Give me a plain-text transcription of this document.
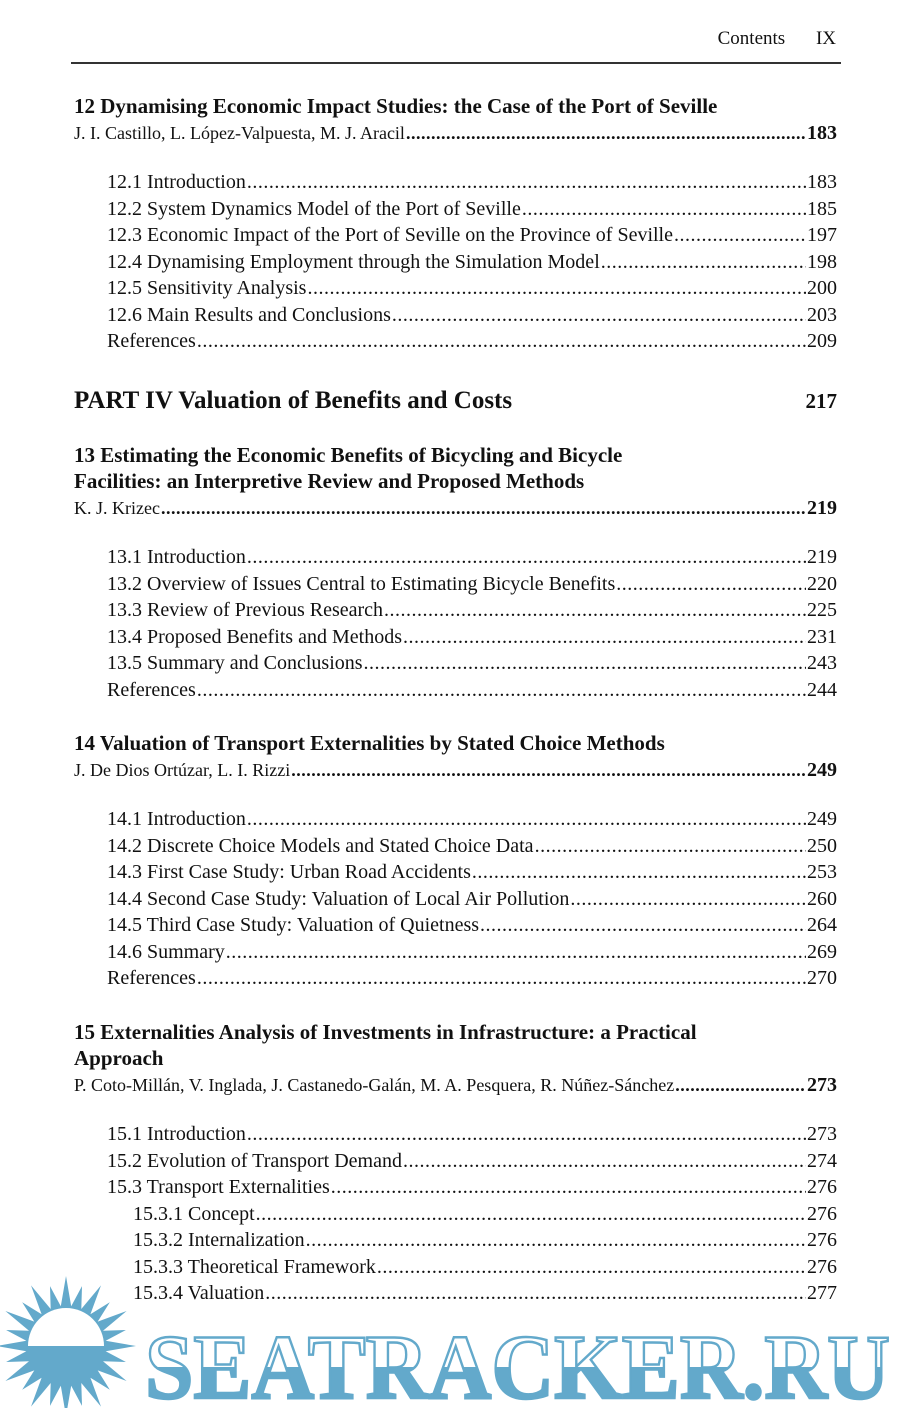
Contents IX
12 Dynamising Economic Impact Studies: the Case of the Port of Seville
J. I. Castillo, L. López-Valpuesta, M. J. Aracil .....	183
12.1 Introduction .....	183
12.2 System Dynamics Model of the Port of Seville .....	185
12.3 Economic Impact of the Port of Seville on the Province of Seville .....	197
12.4 Dynamising Employment through the Simulation Model .....	198
12.5 Sensitivity Analysis .....	200
12.6 Main Results and Conclusions .....	203
References .....	209
PART IV Valuation of Benefits and Costs	217
13 Estimating the Economic Benefits of Bicycling and Bicycle
Facilities: an Interpretive Review and Proposed Methods
K. J. Krizec .....	219
13.1 Introduction .....	219
13.2 Overview of Issues Central to Estimating Bicycle Benefits .....	220
13.3 Review of Previous Research .....	225
13.4 Proposed Benefits and Methods .....	231
13.5 Summary and Conclusions .....	243
References .....	244
14 Valuation of Transport Externalities by Stated Choice Methods
J. De Dios Ortúzar, L. I. Rizzi .....	249
14.1 Introduction .....	249
14.2 Discrete Choice Models and Stated Choice Data .....	250
14.3 First Case Study: Urban Road Accidents .....	253
14.4 Second Case Study: Valuation of Local Air Pollution .....	260
14.5 Third Case Study: Valuation of Quietness .....	264
14.6 Summary .....	269
References .....	270
15 Externalities Analysis of Investments in Infrastructure: a Practical
Approach
P. Coto-Millán, V. Inglada, J. Castanedo-Galán, M. A. Pesquera, R. Núñez-Sánchez .....	273
15.1 Introduction .....	273
15.2 Evolution of Transport Demand .....	274
15.3 Transport Externalities .....	276
15.3.1 Concept .....	276
15.3.2 Internalization .....	276
15.3.3 Theoretical Framework .....	276
15.3.4 Valuation .....	277
SEATRACKER.RU
